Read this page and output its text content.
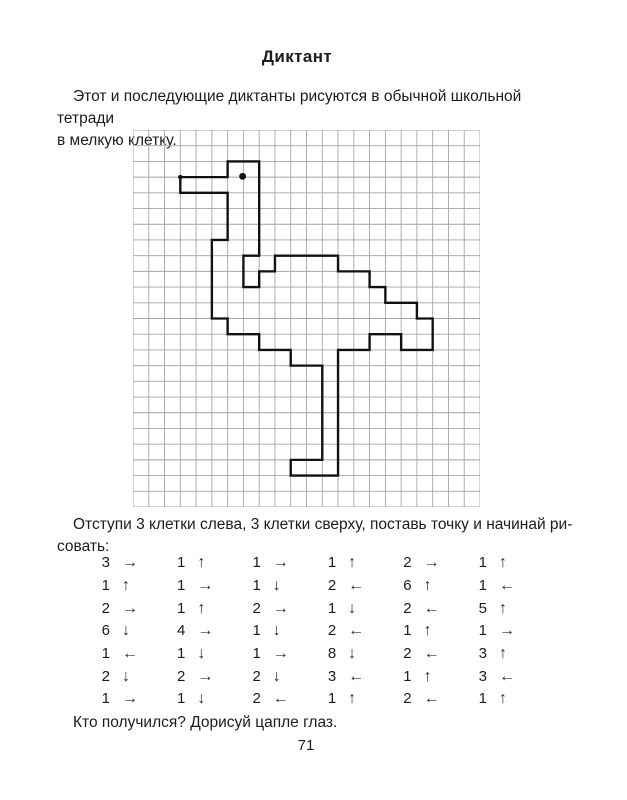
Диктант

Этот и последующие диктанты рисуются в обычной школьной тетради
в мелкую клетку.

Отступи 3 клетки слева, 3 клетки сверху, поставь точку и начинай ри-
совать:

3 →	1 ↑	1 →	1 ↑	2 →	1 ↑
1 ↑	1 →	1 ↓	2 ←	6 ↑	1 ←
2 →	1 ↑	2 →	1 ↓	2 ←	5 ↑
6 ↓	4 →	1 ↓	2 ←	1 ↑	1 →
1 ←	1 ↓	1 →	8 ↓	2 ←	3 ↑
2 ↓	2 →	2 ↓	3 ←	1 ↑	3 ←
1 →	1 ↓	2 ←	1 ↑	2 ←	1 ↑

Кто получился? Дорисуй цапле глаз.

71
